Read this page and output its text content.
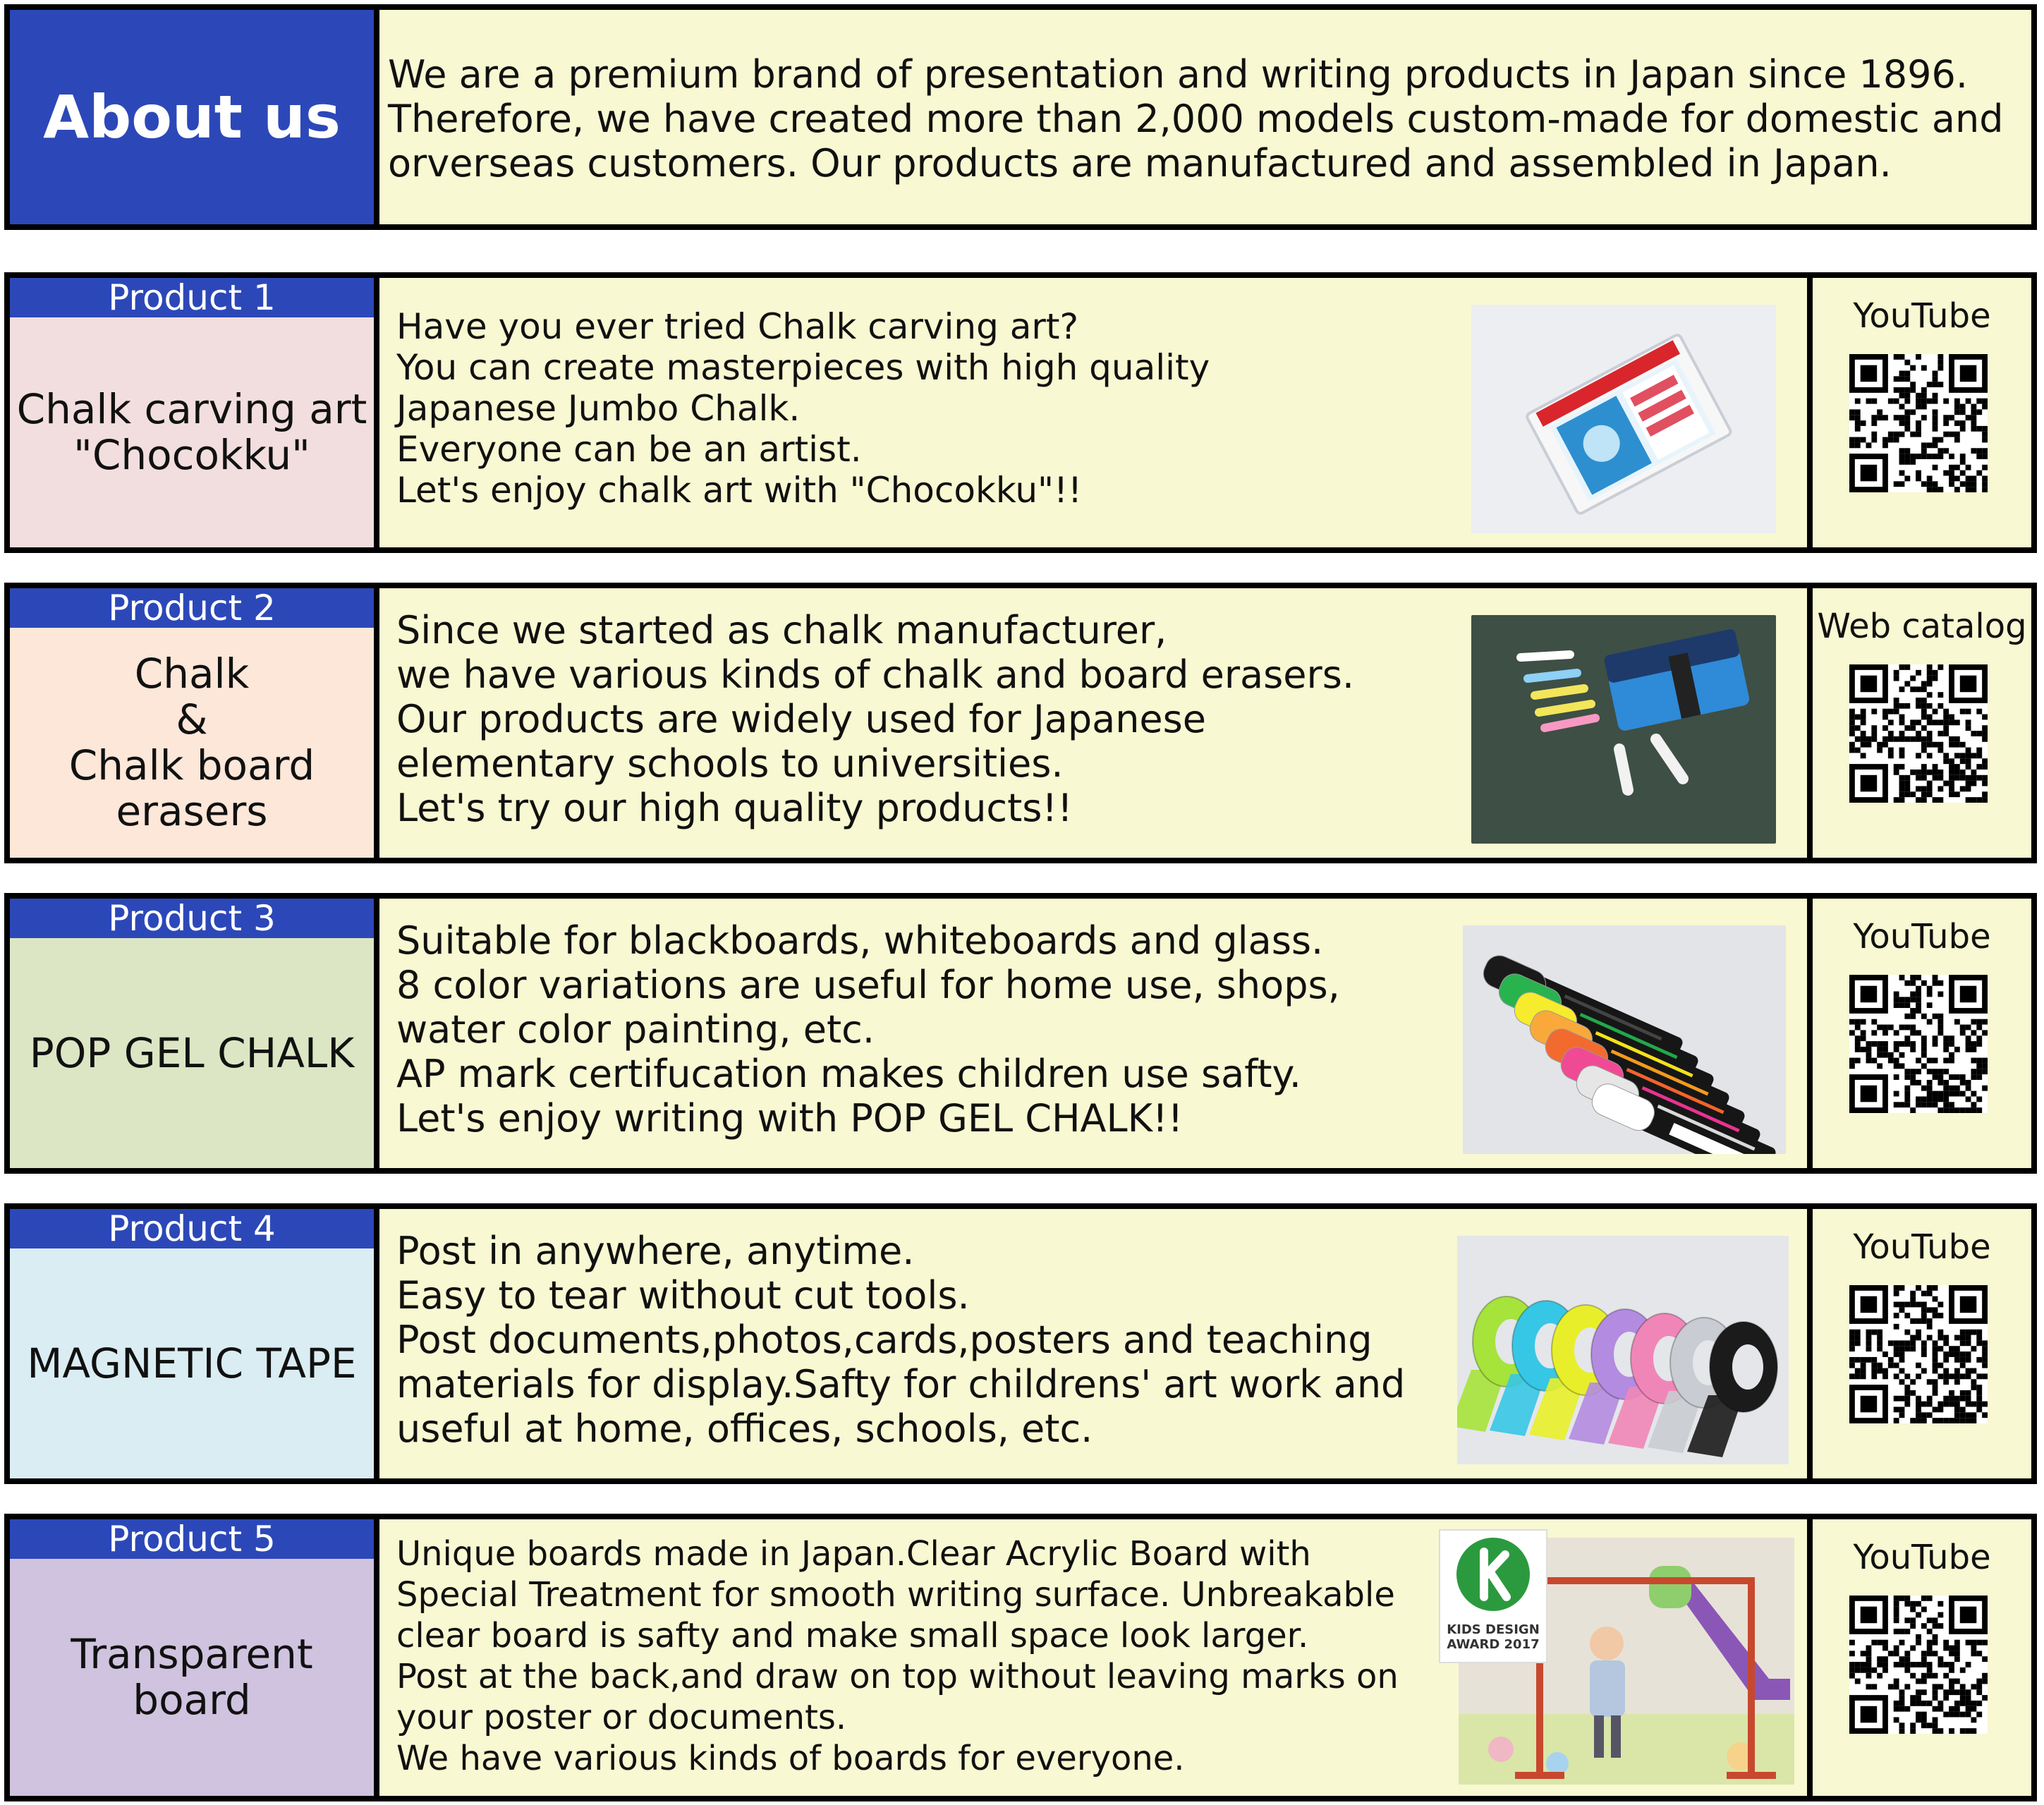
About us
We are a premium brand of presentation and writing products in Japan since 1896. Therefore, we have created more than 2,000 models custom-made for domestic and orverseas customers. Our products are manufactured and assembled in Japan.
Product 1
Chalk carving art
"Chocokku"
Have you ever tried Chalk carving art?
You can create masterpieces with high quality
Japanese Jumbo Chalk.
Everyone can be an artist.
Let's enjoy chalk art with "Chocokku"!!
YouTube
Product 2
Chalk
&
Chalk board
erasers
Since we started as chalk manufacturer,
we have various kinds of chalk and board erasers.
Our products are widely used for Japanese
elementary schools to universities.
Let's try our high quality products!!
Web catalog
Product 3
POP GEL CHALK
Suitable for blackboards, whiteboards and glass.
8 color variations are useful for home use, shops,
water color painting, etc.
AP mark certifucation makes children use safty.
Let's enjoy writing with POP GEL CHALK!!
YouTube
Product 4
MAGNETIC TAPE
Post in anywhere, anytime.
Easy to tear without cut tools.
Post documents,photos,cards,posters and teaching
materials for display.Safty for childrens' art work and
useful at home, offices, schools, etc.
YouTube
Product 5
Transparent board
Unique boards made in Japan.Clear Acrylic Board with
Special Treatment for smooth writing surface. Unbreakable
clear board is safty and make small space look larger.
Post at the back,and draw on top without leaving marks on
your poster or documents.
We have various kinds of boards for everyone.
KIDS DESIGN
AWARD 2017
YouTube
